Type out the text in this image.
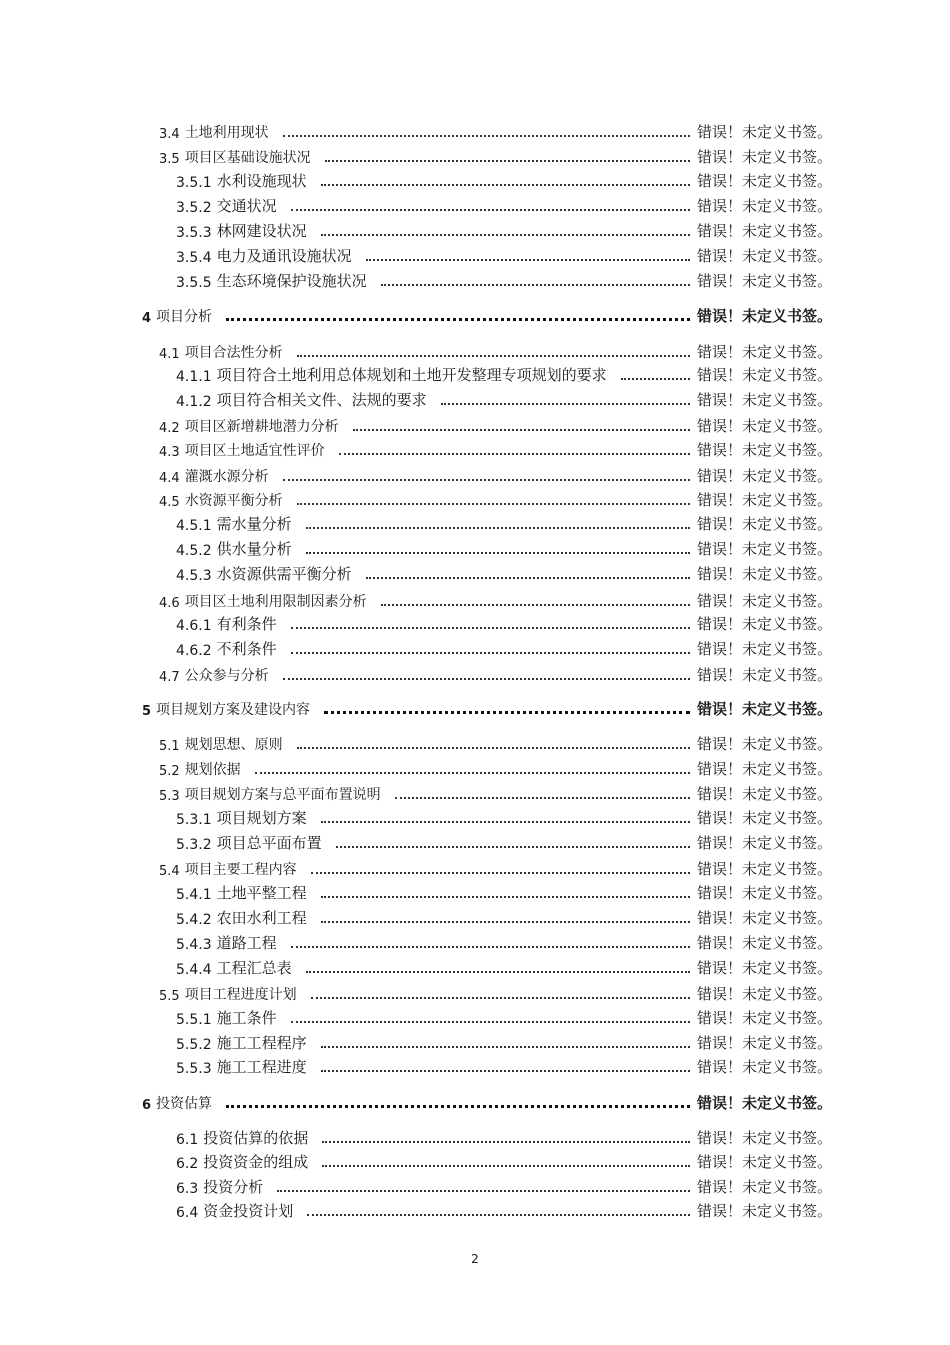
3.4 土地利用现状	错误！未定义书签。
3.5 项目区基础设施状况	错误！未定义书签。
3.5.1 水利设施现状	错误！未定义书签。
3.5.2 交通状况	错误！未定义书签。
3.5.3 林网建设状况	错误！未定义书签。
3.5.4 电力及通讯设施状况	错误！未定义书签。
3.5.5 生态环境保护设施状况	错误！未定义书签。
4 项目分析	错误！未定义书签。
4.1 项目合法性分析	错误！未定义书签。
4.1.1 项目符合土地利用总体规划和土地开发整理专项规划的要求	错误！未定义书签。
4.1.2 项目符合相关文件、法规的要求	错误！未定义书签。
4.2 项目区新增耕地潜力分析	错误！未定义书签。
4.3 项目区土地适宜性评价	错误！未定义书签。
4.4 灌溉水源分析	错误！未定义书签。
4.5 水资源平衡分析	错误！未定义书签。
4.5.1 需水量分析	错误！未定义书签。
4.5.2 供水量分析	错误！未定义书签。
4.5.3 水资源供需平衡分析	错误！未定义书签。
4.6 项目区土地利用限制因素分析	错误！未定义书签。
4.6.1 有利条件	错误！未定义书签。
4.6.2 不利条件	错误！未定义书签。
4.7 公众参与分析	错误！未定义书签。
5 项目规划方案及建设内容	错误！未定义书签。
5.1 规划思想、原则	错误！未定义书签。
5.2 规划依据	错误！未定义书签。
5.3 项目规划方案与总平面布置说明	错误！未定义书签。
5.3.1 项目规划方案	错误！未定义书签。
5.3.2 项目总平面布置	错误！未定义书签。
5.4 项目主要工程内容	错误！未定义书签。
5.4.1 土地平整工程	错误！未定义书签。
5.4.2 农田水利工程	错误！未定义书签。
5.4.3 道路工程	错误！未定义书签。
5.4.4 工程汇总表	错误！未定义书签。
5.5 项目工程进度计划	错误！未定义书签。
5.5.1 施工条件	错误！未定义书签。
5.5.2 施工工程程序	错误！未定义书签。
5.5.3 施工工程进度	错误！未定义书签。
6 投资估算	错误！未定义书签。
6.1 投资估算的依据	错误！未定义书签。
6.2 投资资金的组成	错误！未定义书签。
6.3 投资分析	错误！未定义书签。
6.4 资金投资计划	错误！未定义书签。
2
